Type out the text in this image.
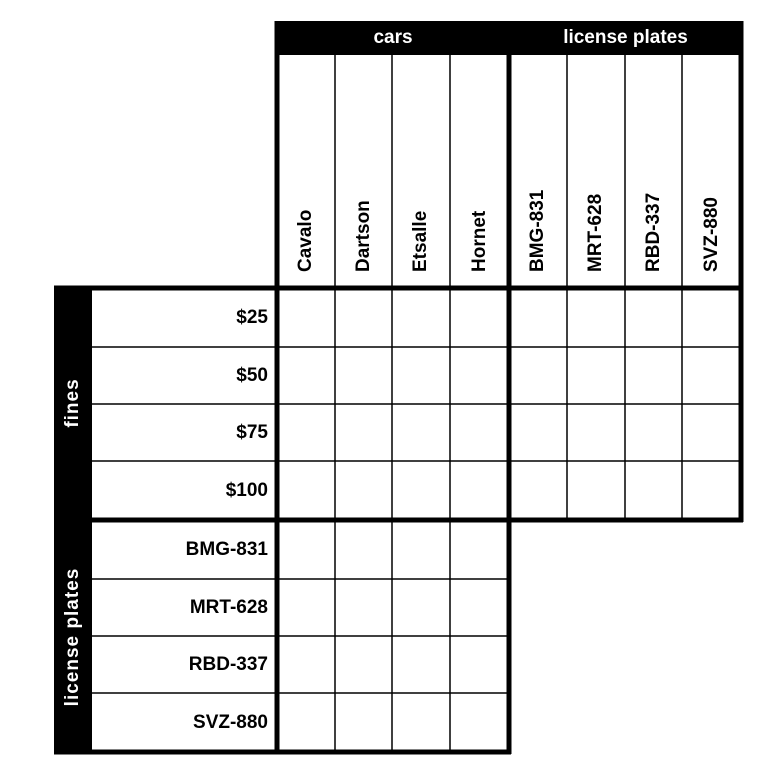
cars	license plates
fines
license plates
Cavalo Dartson Etsalle Hornet BMG-831 MRT-628 RBD-337 SVZ-880
$25
$50
$75
$100
BMG-831
MRT-628
RBD-337
SVZ-880
